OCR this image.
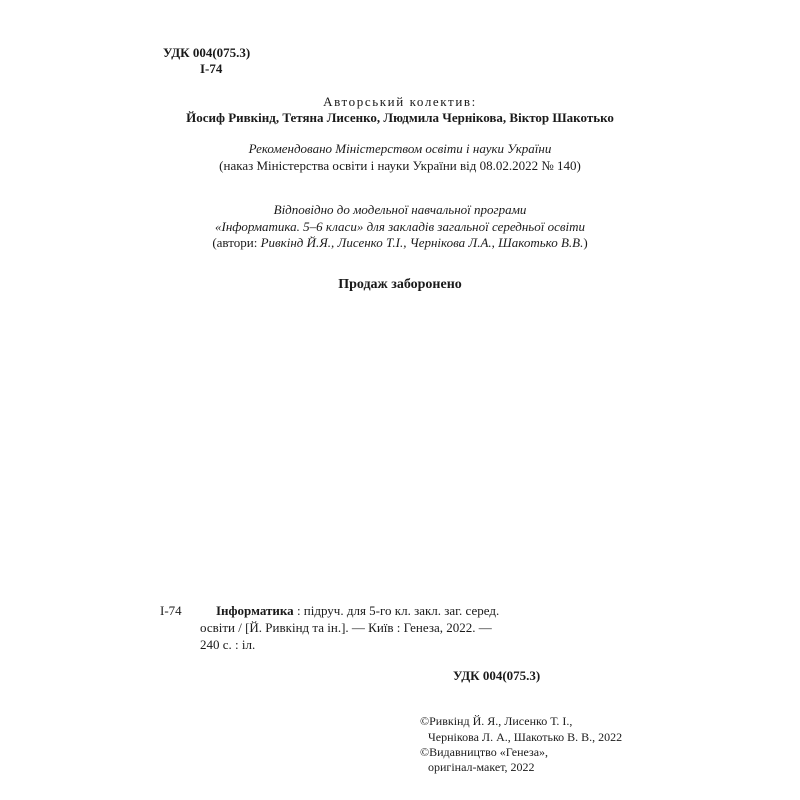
УДК 004(075.3)
І-74
Авторський колектив:
Йосиф Ривкінд, Тетяна Лисенко, Людмила Чернікова, Віктор Шакотько
Рекомендовано Міністерством освіти і науки України
(наказ Міністерства освіти і науки України від 08.02.2022 № 140)
Відповідно до модельної навчальної програми
«Інформатика. 5–6 класи» для закладів загальної середньої освіти
(автори: Ривкінд Й.Я., Лисенко Т.І., Чернікова Л.А., Шакотько В.В.)
Продаж заборонено
І-74	Інформатика : підруч. для 5-го кл. закл. заг. серед.
освіти / [Й. Ривкінд та ін.]. — Київ : Генеза, 2022. —
240 с. : іл.
УДК 004(075.3)
©Ривкінд Й. Я., Лисенко Т. І.,
Чернікова Л. А., Шакотько В. В., 2022
©Видавництво «Генеза»,
оригінал-макет, 2022
